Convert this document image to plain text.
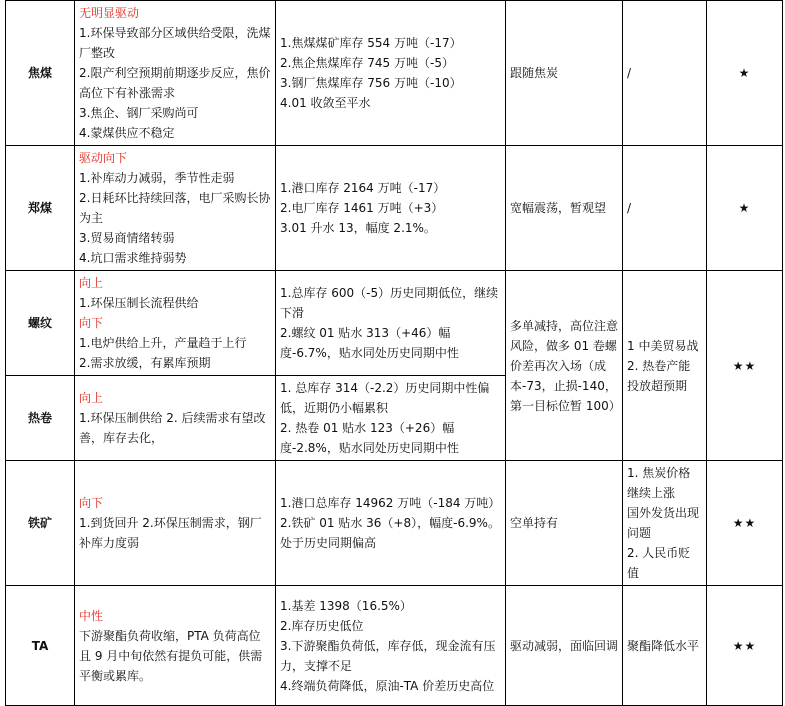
焦煤	无明显驱动
1.环保导致部分区域供给受限，洗煤厂整改
2.限产利空预期前期逐步反应，焦价高位下有补涨需求
3.焦企、钢厂采购尚可
4.蒙煤供应不稳定	1.焦煤煤矿库存 554 万吨（-17）
2.焦企焦煤库存 745 万吨（-5）
3.钢厂焦煤库存 756 万吨（-10）
4.01 收敛至平水	跟随焦炭	/	★
郑煤	驱动向下
1.补库动力减弱，季节性走弱
2.日耗环比持续回落，电厂采购长协为主
3.贸易商情绪转弱
4.坑口需求维持弱势	1.港口库存 2164 万吨（-17）
2.电厂库存 1461 万吨（+3）
3.01 升水 13，幅度 2.1%。	宽幅震荡，暂观望	/	★
螺纹	向上
1.环保压制长流程供给
向下
1.电炉供给上升，产量趋于上行
2.需求放缓，有累库预期	1.总库存 600（-5）历史同期低位，继续下滑
2.螺纹 01 贴水 313（+46）幅度-6.7%，贴水同处历史同期中性	多单减持，高位注意风险，做多 01 卷螺价差再次入场（成本-73，止损-140，第一目标位暂 100）	1 中美贸易战
2. 热卷产能投放超预期	★★
热卷	向上
1.环保压制供给 2. 后续需求有望改善，库存去化，	1. 总库存 314（-2.2）历史同期中性偏低，近期仍小幅累积
2. 热卷 01 贴水 123（+26）幅度-2.8%，贴水同处历史同期中性			

铁矿	向下
1.到货回升 2.环保压制需求，钢厂补库力度弱	1.港口总库存 14962 万吨（-184 万吨）
2.铁矿 01 贴水 36（+8），幅度-6.9%。处于历史同期偏高	空单持有	1. 焦炭价格继续上涨
国外发货出现问题
2. 人民币贬值	★★
TA	中性
下游聚酯负荷收缩，PTA 负荷高位且 9 月中旬依然有提负可能，供需平衡或累库。	1.基差 1398（16.5%）
2.库存历史低位
3.下游聚酯负荷低，库存低，现金流有压力，支撑不足
4.终端负荷降低，原油-TA 价差历史高位	驱动减弱，面临回调	聚酯降低水平	★★
